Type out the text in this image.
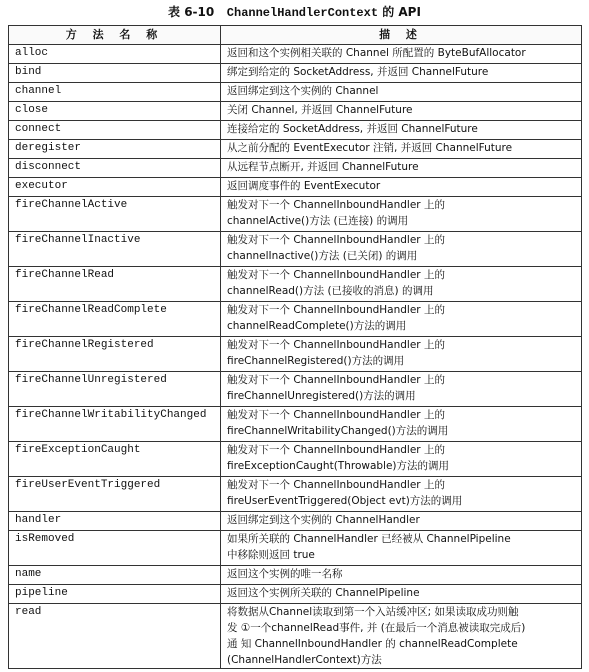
表 6-10 ChannelHandlerContext 的 API
方 法 名 称	描 述
alloc	返回和这个实例相关联的 Channel 所配置的 ByteBufAllocator

bind	绑定到给定的 SocketAddress, 并返回 ChannelFuture

channel	返回绑定到这个实例的 Channel

close	关闭 Channel, 并返回 ChannelFuture

connect	连接给定的 SocketAddress, 并返回 ChannelFuture

deregister	从之前分配的 EventExecutor 注销, 并返回 ChannelFuture

disconnect	从远程节点断开, 并返回 ChannelFuture

executor	返回调度事件的 EventExecutor

fireChannelActive	触发对下一个 ChannelInboundHandler 上的
channelActive()方法 (已连接) 的调用

fireChannelInactive	触发对下一个 ChannelInboundHandler 上的
channelInactive()方法 (已关闭) 的调用

fireChannelRead	触发对下一个 ChannelInboundHandler 上的
channelRead()方法 (已接收的消息) 的调用

fireChannelReadComplete	触发对下一个 ChannelInboundHandler 上的
channelReadComplete()方法的调用

fireChannelRegistered	触发对下一个 ChannelInboundHandler 上的
fireChannelRegistered()方法的调用

fireChannelUnregistered	触发对下一个 ChannelInboundHandler 上的
fireChannelUnregistered()方法的调用

fireChannelWritabilityChanged	触发对下一个 ChannelInboundHandler 上的
fireChannelWritabilityChanged()方法的调用

fireExceptionCaught	触发对下一个 ChannelInboundHandler 上的
fireExceptionCaught(Throwable)方法的调用

fireUserEventTriggered	触发对下一个 ChannelInboundHandler 上的
fireUserEventTriggered(Object evt)方法的调用

handler	返回绑定到这个实例的 ChannelHandler

isRemoved	如果所关联的 ChannelHandler 已经被从 ChannelPipeline
中移除则返回 true

name	返回这个实例的唯一名称

pipeline	返回这个实例所关联的 ChannelPipeline

read	将数据从Channel读取到第一个入站缓冲区; 如果读取成功则触
发 ①一个channelRead事件, 并 (在最后一个消息被读取完成后)
通 知 ChannelInboundHandler 的 channelReadComplete
(ChannelHandlerContext)方法
